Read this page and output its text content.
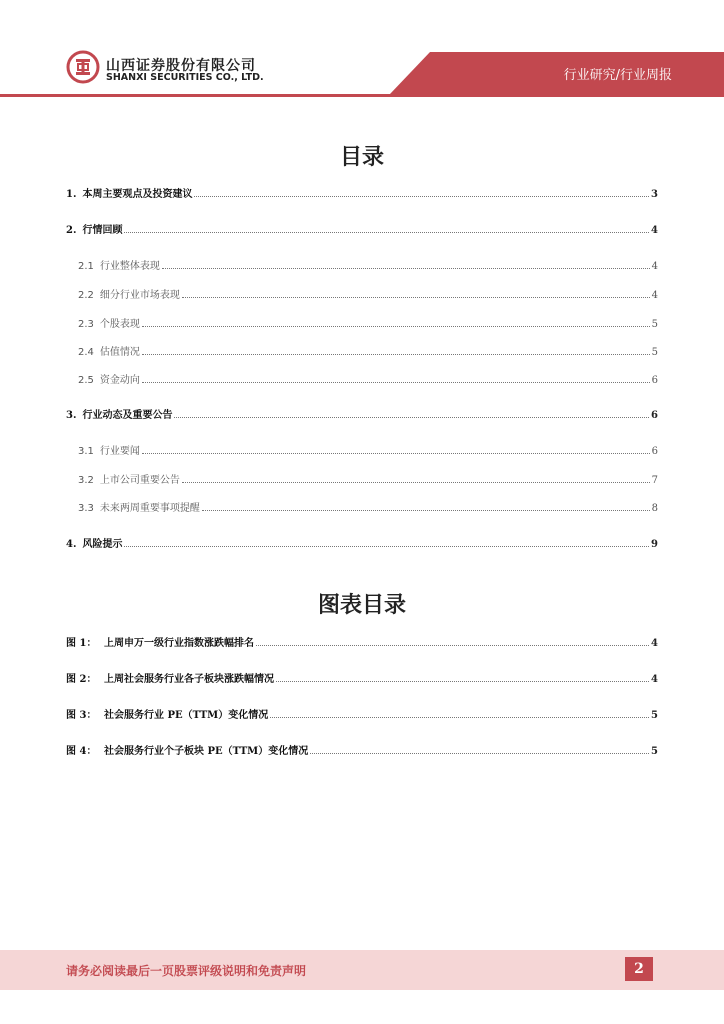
山西证券股份有限公司
SHANXI SECURITIES CO., LTD.	行业研究/行业周报
目录
1. 本周主要观点及投资建议	3
2. 行情回顾	4
2.1 行业整体表现	4
2.2 细分行业市场表现	4
2.3 个股表现	5
2.4 估值情况	5
2.5 资金动向	6
3. 行业动态及重要公告	6
3.1 行业要闻	6
3.2 上市公司重要公告	7
3.3 未来两周重要事项提醒	8
4. 风险提示	9
图表目录
图 1： 上周申万一级行业指数涨跌幅排名	4
图 2： 上周社会服务行业各子板块涨跌幅情况	4
图 3： 社会服务行业 PE（TTM）变化情况	5
图 4： 社会服务行业个子板块 PE（TTM）变化情况	5
请务必阅读最后一页股票评级说明和免责声明	2
